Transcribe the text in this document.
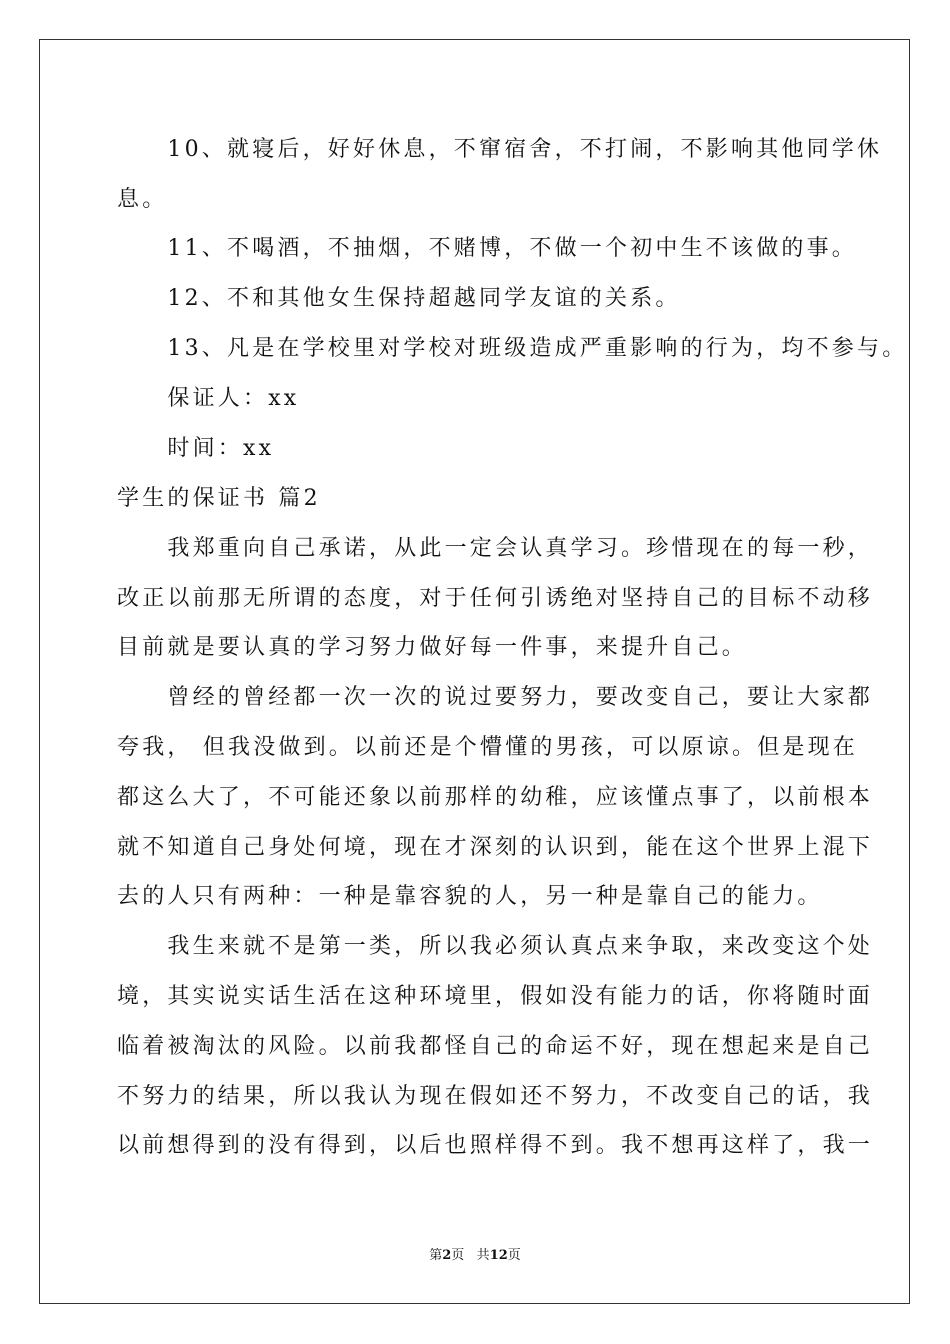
　　10、就寝后，好好休息，不窜宿舍，不打闹，不影响其他同学休
息。
　　11、不喝酒，不抽烟，不赌博，不做一个初中生不该做的事。
　　12、不和其他女生保持超越同学友谊的关系。
　　13、凡是在学校里对学校对班级造成严重影响的行为，均不参与。
　　保证人：xx
　　时间：xx
学生的保证书 篇2
　　我郑重向自己承诺，从此一定会认真学习。珍惜现在的每一秒，
改正以前那无所谓的态度，对于任何引诱绝对坚持自己的目标不动移
目前就是要认真的学习努力做好每一件事，来提升自己。
　　曾经的曾经都一次一次的说过要努力，要改变自己，要让大家都
夸我， 但我没做到。以前还是个懵懂的男孩，可以原谅。但是现在
都这么大了，不可能还象以前那样的幼稚，应该懂点事了，以前根本
就不知道自己身处何境，现在才深刻的认识到，能在这个世界上混下
去的人只有两种：一种是靠容貌的人，另一种是靠自己的能力。
　　我生来就不是第一类，所以我必须认真点来争取，来改变这个处
境，其实说实话生活在这种环境里，假如没有能力的话，你将随时面
临着被淘汰的风险。以前我都怪自己的命运不好，现在想起来是自己
不努力的结果，所以我认为现在假如还不努力，不改变自己的话，我
以前想得到的没有得到，以后也照样得不到。我不想再这样了，我一
第2页 共12页
